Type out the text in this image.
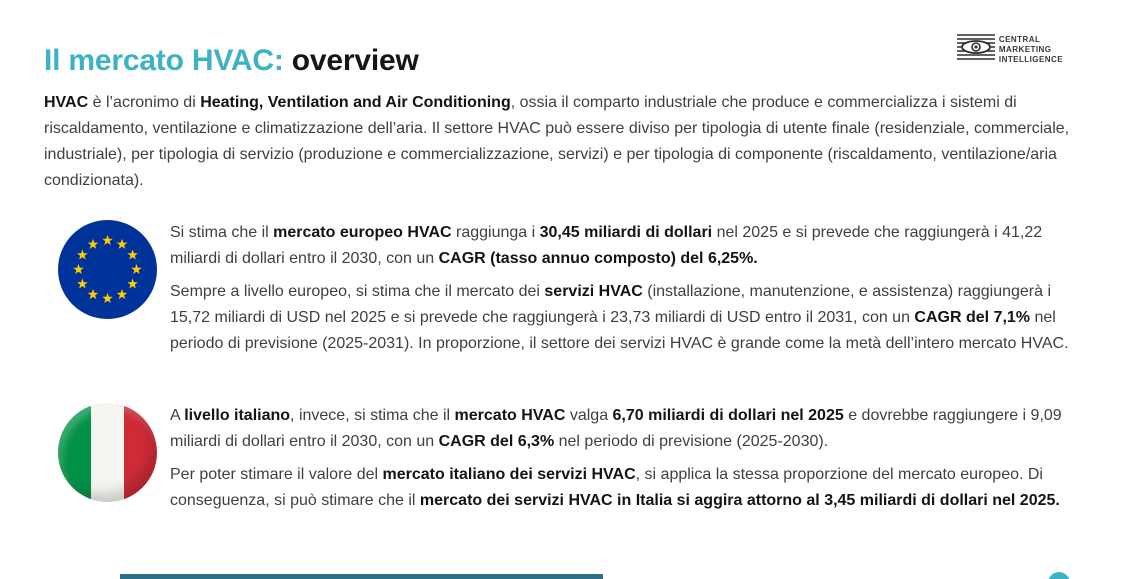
Il mercato HVAC: overview
CENTRAL
MARKETING
INTELLIGENCE

HVAC è l’acronimo di Heating, Ventilation and Air Conditioning, ossia il comparto industriale che produce e commercializza i sistemi di riscaldamento, ventilazione e climatizzazione dell’aria. Il settore HVAC può essere diviso per tipologia di utente finale (residenziale, commerciale, industriale), per tipologia di servizio (produzione e commercializzazione, servizi) e per tipologia di componente (riscaldamento, ventilazione/aria condizionata).

Si stima che il mercato europeo HVAC raggiunga i 30,45 miliardi di dollari nel 2025 e si prevede che raggiungerà i 41,22 miliardi di dollari entro il 2030, con un CAGR (tasso annuo composto) del 6,25%.

Sempre a livello europeo, si stima che il mercato dei servizi HVAC (installazione, manutenzione, e assistenza) raggiungerà i 15,72 miliardi di USD nel 2025 e si prevede che raggiungerà i 23,73 miliardi di USD entro il 2031, con un CAGR del 7,1% nel periodo di previsione (2025-2031). In proporzione, il settore dei servizi HVAC è grande come la metà dell’intero mercato HVAC.

A livello italiano, invece, si stima che il mercato HVAC valga 6,70 miliardi di dollari nel 2025 e dovrebbe raggiungere i 9,09 miliardi di dollari entro il 2030, con un CAGR del 6,3% nel periodo di previsione (2025-2030).

Per poter stimare il valore del mercato italiano dei servizi HVAC, si applica la stessa proporzione del mercato europeo. Di conseguenza, si può stimare che il mercato dei servizi HVAC in Italia si aggira attorno al 3,45 miliardi di dollari nel 2025.
